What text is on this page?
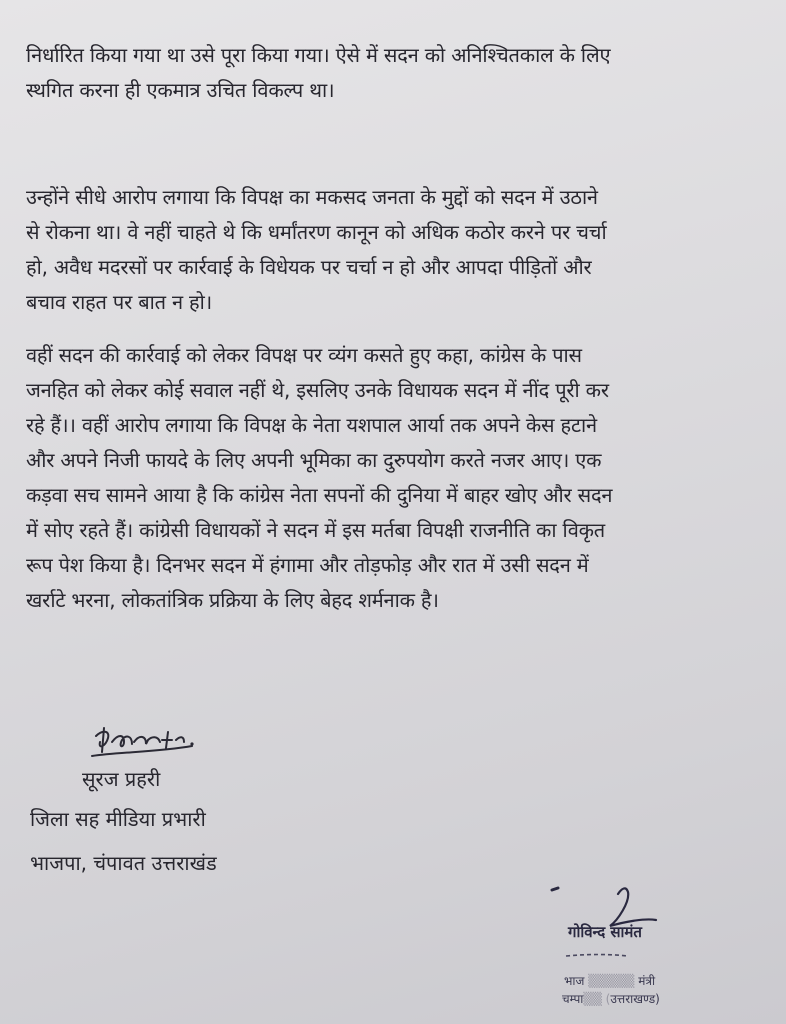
निर्धारित किया गया था उसे पूरा किया गया। ऐसे में सदन को अनिश्चितकाल के लिए
स्थगित करना ही एकमात्र उचित विकल्प था।
उन्होंने सीधे आरोप लगाया कि विपक्ष का मकसद जनता के मुद्दों को सदन में उठाने
से रोकना था। वे नहीं चाहते थे कि धर्मांतरण कानून को अधिक कठोर करने पर चर्चा
हो, अवैध मदरसों पर कार्रवाई के विधेयक पर चर्चा न हो और आपदा पीड़ितों और
बचाव राहत पर बात न हो।
वहीं सदन की कार्रवाई को लेकर विपक्ष पर व्यंग कसते हुए कहा, कांग्रेस के पास
जनहित को लेकर कोई सवाल नहीं थे, इसलिए उनके विधायक सदन में नींद पूरी कर
रहे हैं।। वहीं आरोप लगाया कि विपक्ष के नेता यशपाल आर्या तक अपने केस हटाने
और अपने निजी फायदे के लिए अपनी भूमिका का दुरुपयोग करते नजर आए। एक
कड़वा सच सामने आया है कि कांग्रेस नेता सपनों की दुनिया में बाहर खोए और सदन
में सोए रहते हैं। कांग्रेसी विधायकों ने सदन में इस मर्तबा विपक्षी राजनीति का विकृत
रूप पेश किया है। दिनभर सदन में हंगामा और तोड़फोड़ और रात में उसी सदन में
खर्राटे भरना, लोकतांत्रिक प्रक्रिया के लिए बेहद शर्मनाक है।
सूरज प्रहरी
जिला सह मीडिया प्रभारी
भाजपा, चंपावत उत्तराखंड
गोविन्द सामंत
भाज ▒▒▒▒▒ मंत्री
चम्पा▒▒ (उत्तराखण्ड)
